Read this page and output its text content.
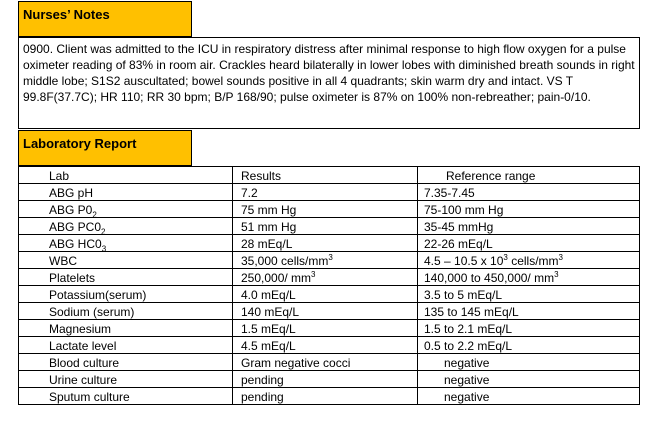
Nurses’ Notes
0900. Client was admitted to the ICU in respiratory distress after minimal response to high flow oxygen for a pulse oximeter reading of 83% in room air. Crackles heard bilaterally in lower lobes with diminished breath sounds in right middle lobe; S1S2 auscultated; bowel sounds positive in all 4 quadrants; skin warm dry and intact. VS T 99.8F(37.7C); HR 110; RR 30 bpm; B/P 168/90; pulse oximeter is 87% on 100% non-rebreather; pain-0/10.
Laboratory Report
Lab	Results	Reference range
ABG pH	7.2	7.35-7.45
ABG $P0_2$	75 mm Hg	75-100 mm Hg
ABG $PC0_2$	51 mm Hg	35-45 mmHg
ABG $HC0_3$	28 mEq/L	22-26 mEq/L
WBC	35,000 cells/$mm^3$	4.5 – 10.5 x $10^3$ cells/$mm^3$
Platelets	250,000/ $mm^3$	140,000 to 450,000/ $mm^3$
Potassium(serum)	4.0 mEq/L	3.5 to 5 mEq/L
Sodium (serum)	140 mEq/L	135 to 145 mEq/L
Magnesium	1.5 mEq/L	1.5 to 2.1 mEq/L
Lactate level	4.5 mEq/L	0.5 to 2.2 mEq/L
Blood culture	Gram negative cocci	negative
Urine culture	pending	negative
Sputum culture	pending	negative
